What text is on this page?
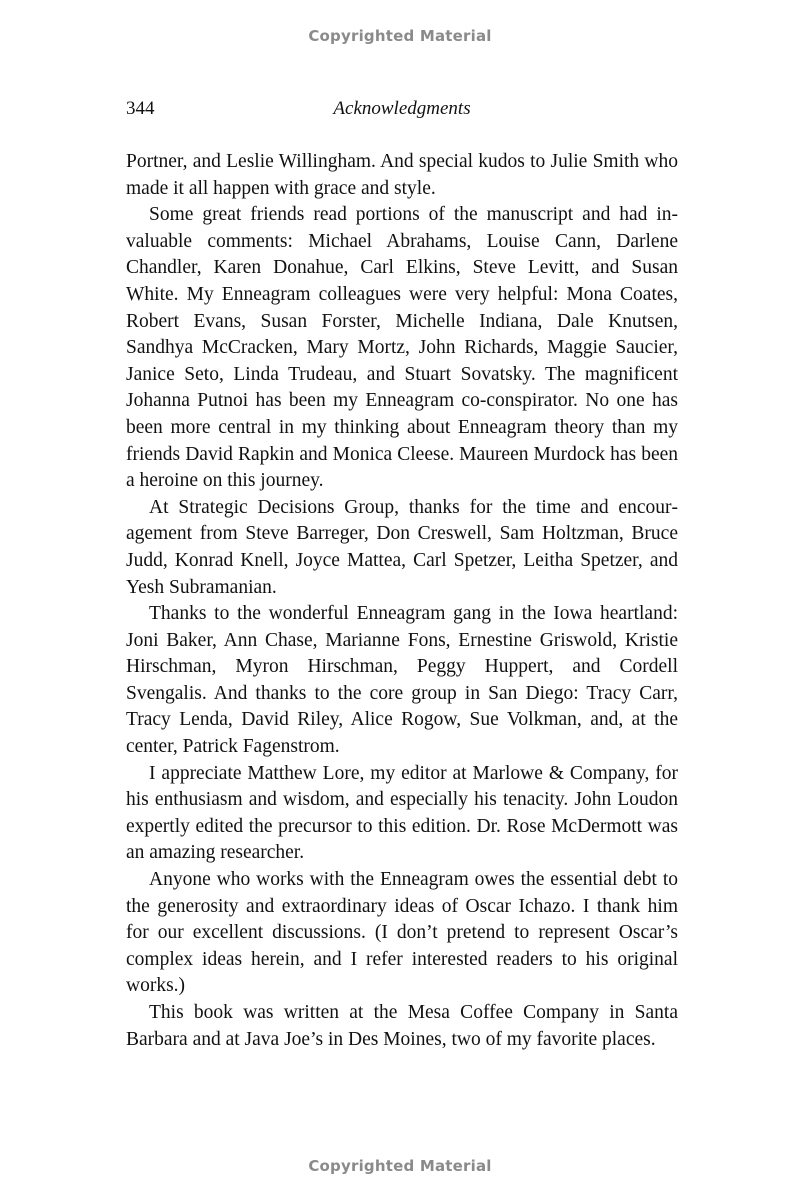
Copyrighted Material
344	Acknowledgments

Portner, and Leslie Willingham. And special kudos to Julie Smith who made it all happen with grace and style.

Some great friends read portions of the manuscript and had invaluable comments: Michael Abrahams, Louise Cann, Darlene Chandler, Karen Donahue, Carl Elkins, Steve Levitt, and Susan White. My Enneagram colleagues were very helpful: Mona Coates, Robert Evans, Susan Forster, Michelle Indiana, Dale Knutsen, Sandhya McCracken, Mary Mortz, John Richards, Maggie Saucier, Janice Seto, Linda Trudeau, and Stuart Sovatsky. The magnificent Johanna Putnoi has been my Enneagram co-conspirator. No one has been more central in my thinking about Enneagram theory than my friends David Rapkin and Monica Cleese. Maureen Murdock has been a heroine on this journey.

At Strategic Decisions Group, thanks for the time and encouragement from Steve Barreger, Don Creswell, Sam Holtzman, Bruce Judd, Konrad Knell, Joyce Mattea, Carl Spetzer, Leitha Spetzer, and Yesh Subramanian.

Thanks to the wonderful Enneagram gang in the Iowa heartland: Joni Baker, Ann Chase, Marianne Fons, Ernestine Griswold, Kristie Hirschman, Myron Hirschman, Peggy Huppert, and Cordell Svengalis. And thanks to the core group in San Diego: Tracy Carr, Tracy Lenda, David Riley, Alice Rogow, Sue Volkman, and, at the center, Patrick Fagenstrom.

I appreciate Matthew Lore, my editor at Marlowe & Company, for his enthusiasm and wisdom, and especially his tenacity. John Loudon expertly edited the precursor to this edition. Dr. Rose McDermott was an amazing researcher.

Anyone who works with the Enneagram owes the essential debt to the generosity and extraordinary ideas of Oscar Ichazo. I thank him for our excellent discussions. (I don’t pretend to represent Oscar’s complex ideas herein, and I refer interested readers to his original works.)

This book was written at the Mesa Coffee Company in Santa Barbara and at Java Joe’s in Des Moines, two of my favorite places.

Copyrighted Material
